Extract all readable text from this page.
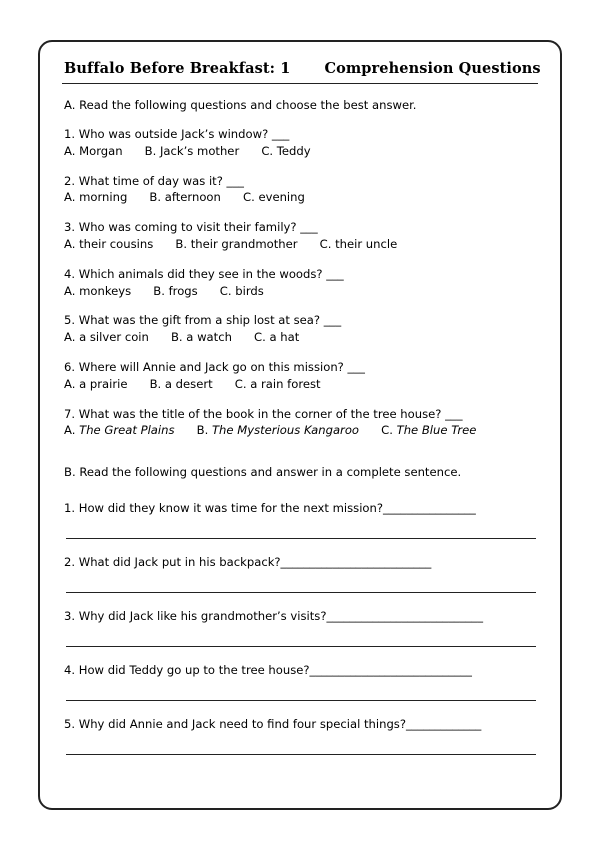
Buffalo Before Breakfast: 1 Comprehension Questions
A. Read the following questions and choose the best answer.
1. Who was outside Jack’s window? ___
A. Morgan      B. Jack’s mother      C. Teddy
2. What time of day was it? ___
A. morning      B. afternoon      C. evening
3. Who was coming to visit their family? ___
A. their cousins      B. their grandmother      C. their uncle
4. Which animals did they see in the woods? ___
A. monkeys      B. frogs      C. birds
5. What was the gift from a ship lost at sea? ___
A. a silver coin      B. a watch      C. a hat
6. Where will Annie and Jack go on this mission? ___
A. a prairie      B. a desert      C. a rain forest
7. What was the title of the book in the corner of the tree house? ___
A. The Great Plains B. The Mysterious Kangaroo C. The Blue Tree
B. Read the following questions and answer in a complete sentence.
1. How did they know it was time for the next mission?________________
2. What did Jack put in his backpack?__________________________
3. Why did Jack like his grandmother’s visits?___________________________
4. How did Teddy go up to the tree house?____________________________
5. Why did Annie and Jack need to find four special things?_____________
